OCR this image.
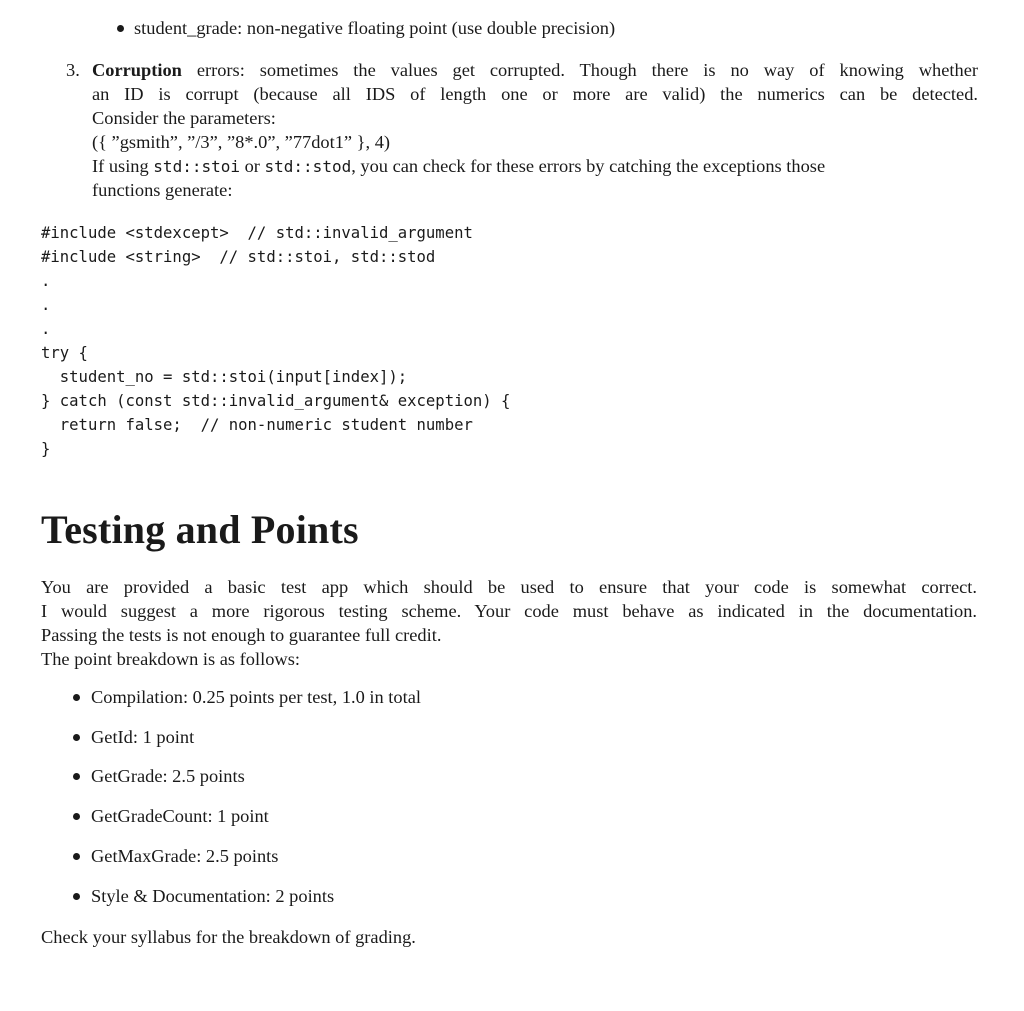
student_grade: non-negative floating point (use double precision)
3. Corruption errors: sometimes the values get corrupted. Though there is no way of knowing whether
an ID is corrupt (because all IDS of length one or more are valid) the numerics can be detected.
Consider the parameters:
({ ”gsmith”, ”/3”, ”8*.0”, ”77dot1” }, 4)
If using std::stoi or std::stod, you can check for these errors by catching the exceptions those
functions generate:
#include <stdexcept>  // std::invalid_argument
#include <string>  // std::stoi, std::stod
.
.
.
try {
student_no = std::stoi(input[index]);
} catch (const std::invalid_argument& exception) {
return false;  // non-numeric student number
}
Testing and Points
You are provided a basic test app which should be used to ensure that your code is somewhat correct.
I would suggest a more rigorous testing scheme. Your code must behave as indicated in the documentation.
Passing the tests is not enough to guarantee full credit.
The point breakdown is as follows:
Compilation: 0.25 points per test, 1.0 in total
GetId: 1 point
GetGrade: 2.5 points
GetGradeCount: 1 point
GetMaxGrade: 2.5 points
Style & Documentation: 2 points
Check your syllabus for the breakdown of grading.
